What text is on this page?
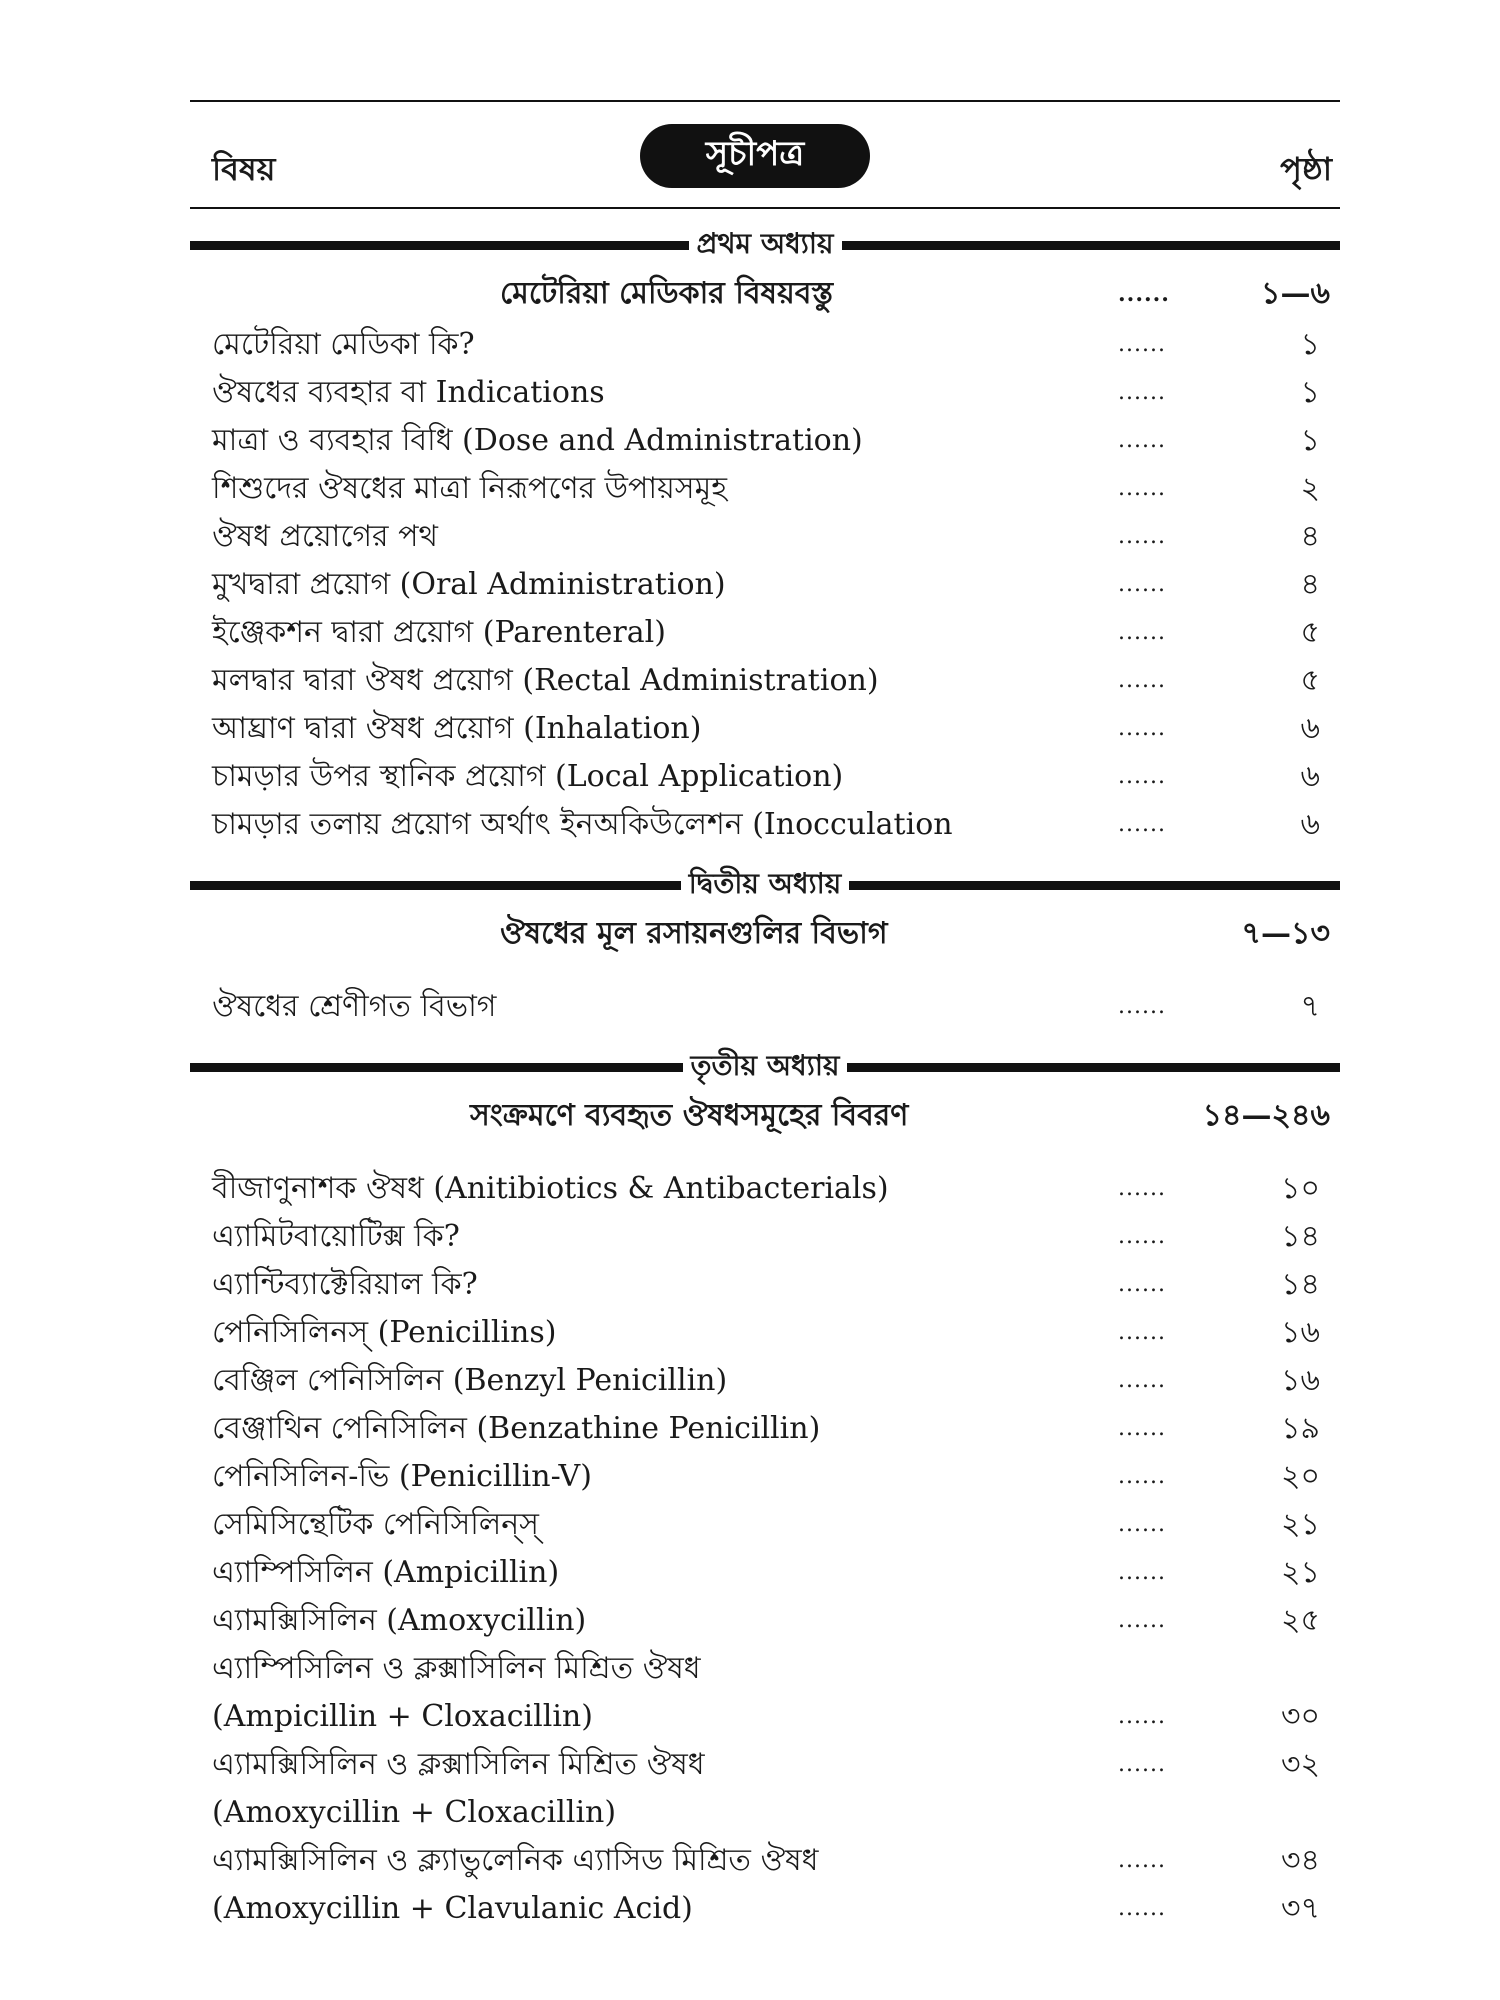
বিষয়	সূচীপত্র	পৃষ্ঠা
প্রথম অধ্যায়
মেটেরিয়া মেডিকার বিষয়বস্তু	......	১—৬
মেটেরিয়া মেডিকা কি?	......	১
ঔষধের ব্যবহার বা Indications	......	১
মাত্রা ও ব্যবহার বিধি (Dose and Administration)	......	১
শিশুদের ঔষধের মাত্রা নিরূপণের উপায়সমূহ	......	২
ঔষধ প্রয়োগের পথ	......	৪
মুখদ্বারা প্রয়োগ (Oral Administration)	......	৪
ইঞ্জেকশন দ্বারা প্রয়োগ (Parenteral)	......	৫
মলদ্বার দ্বারা ঔষধ প্রয়োগ (Rectal Administration)	......	৫
আঘ্রাণ দ্বারা ঔষধ প্রয়োগ (Inhalation)	......	৬
চামড়ার উপর স্থানিক প্রয়োগ (Local Application)	......	৬
চামড়ার তলায় প্রয়োগ অর্থাৎ ইনঅকিউলেশন (Inocculation	......	৬
দ্বিতীয় অধ্যায়
ঔষধের মূল রসায়নগুলির বিভাগ	৭—১৩
ঔষধের শ্রেণীগত বিভাগ	......	৭
তৃতীয় অধ্যায়
সংক্রমণে ব্যবহৃত ঔষধসমূহের বিবরণ	১৪—২৪৬
বীজাণুনাশক ঔষধ (Anitibiotics & Antibacterials)	......	১০
এ্যামিটবায়োটিক্স কি?	......	১৪
এ্যান্টিব্যাক্টেরিয়াল কি?	......	১৪
পেনিসিলিনস্ (Penicillins)	......	১৬
বেঞ্জিল পেনিসিলিন (Benzyl Penicillin)	......	১৬
বেঞ্জাথিন পেনিসিলিন (Benzathine Penicillin)	......	১৯
পেনিসিলিন-ভি (Penicillin-V)	......	২০
সেমিসিন্থেটিক পেনিসিলিন্স্	......	২১
এ্যাম্পিসিলিন (Ampicillin)	......	২১
এ্যামক্সিসিলিন (Amoxycillin)	......	২৫
এ্যাম্পিসিলিন ও ক্লক্সাসিলিন মিশ্রিত ঔষধ
(Ampicillin + Cloxacillin)	......	৩০
এ্যামক্সিসিলিন ও ক্লক্সাসিলিন মিশ্রিত ঔষধ	......	৩২
(Amoxycillin + Cloxacillin)
এ্যামক্সিসিলিন ও ক্ল্যাভুলেনিক এ্যাসিড মিশ্রিত ঔষধ	......	৩৪
(Amoxycillin + Clavulanic Acid)	......	৩৭
